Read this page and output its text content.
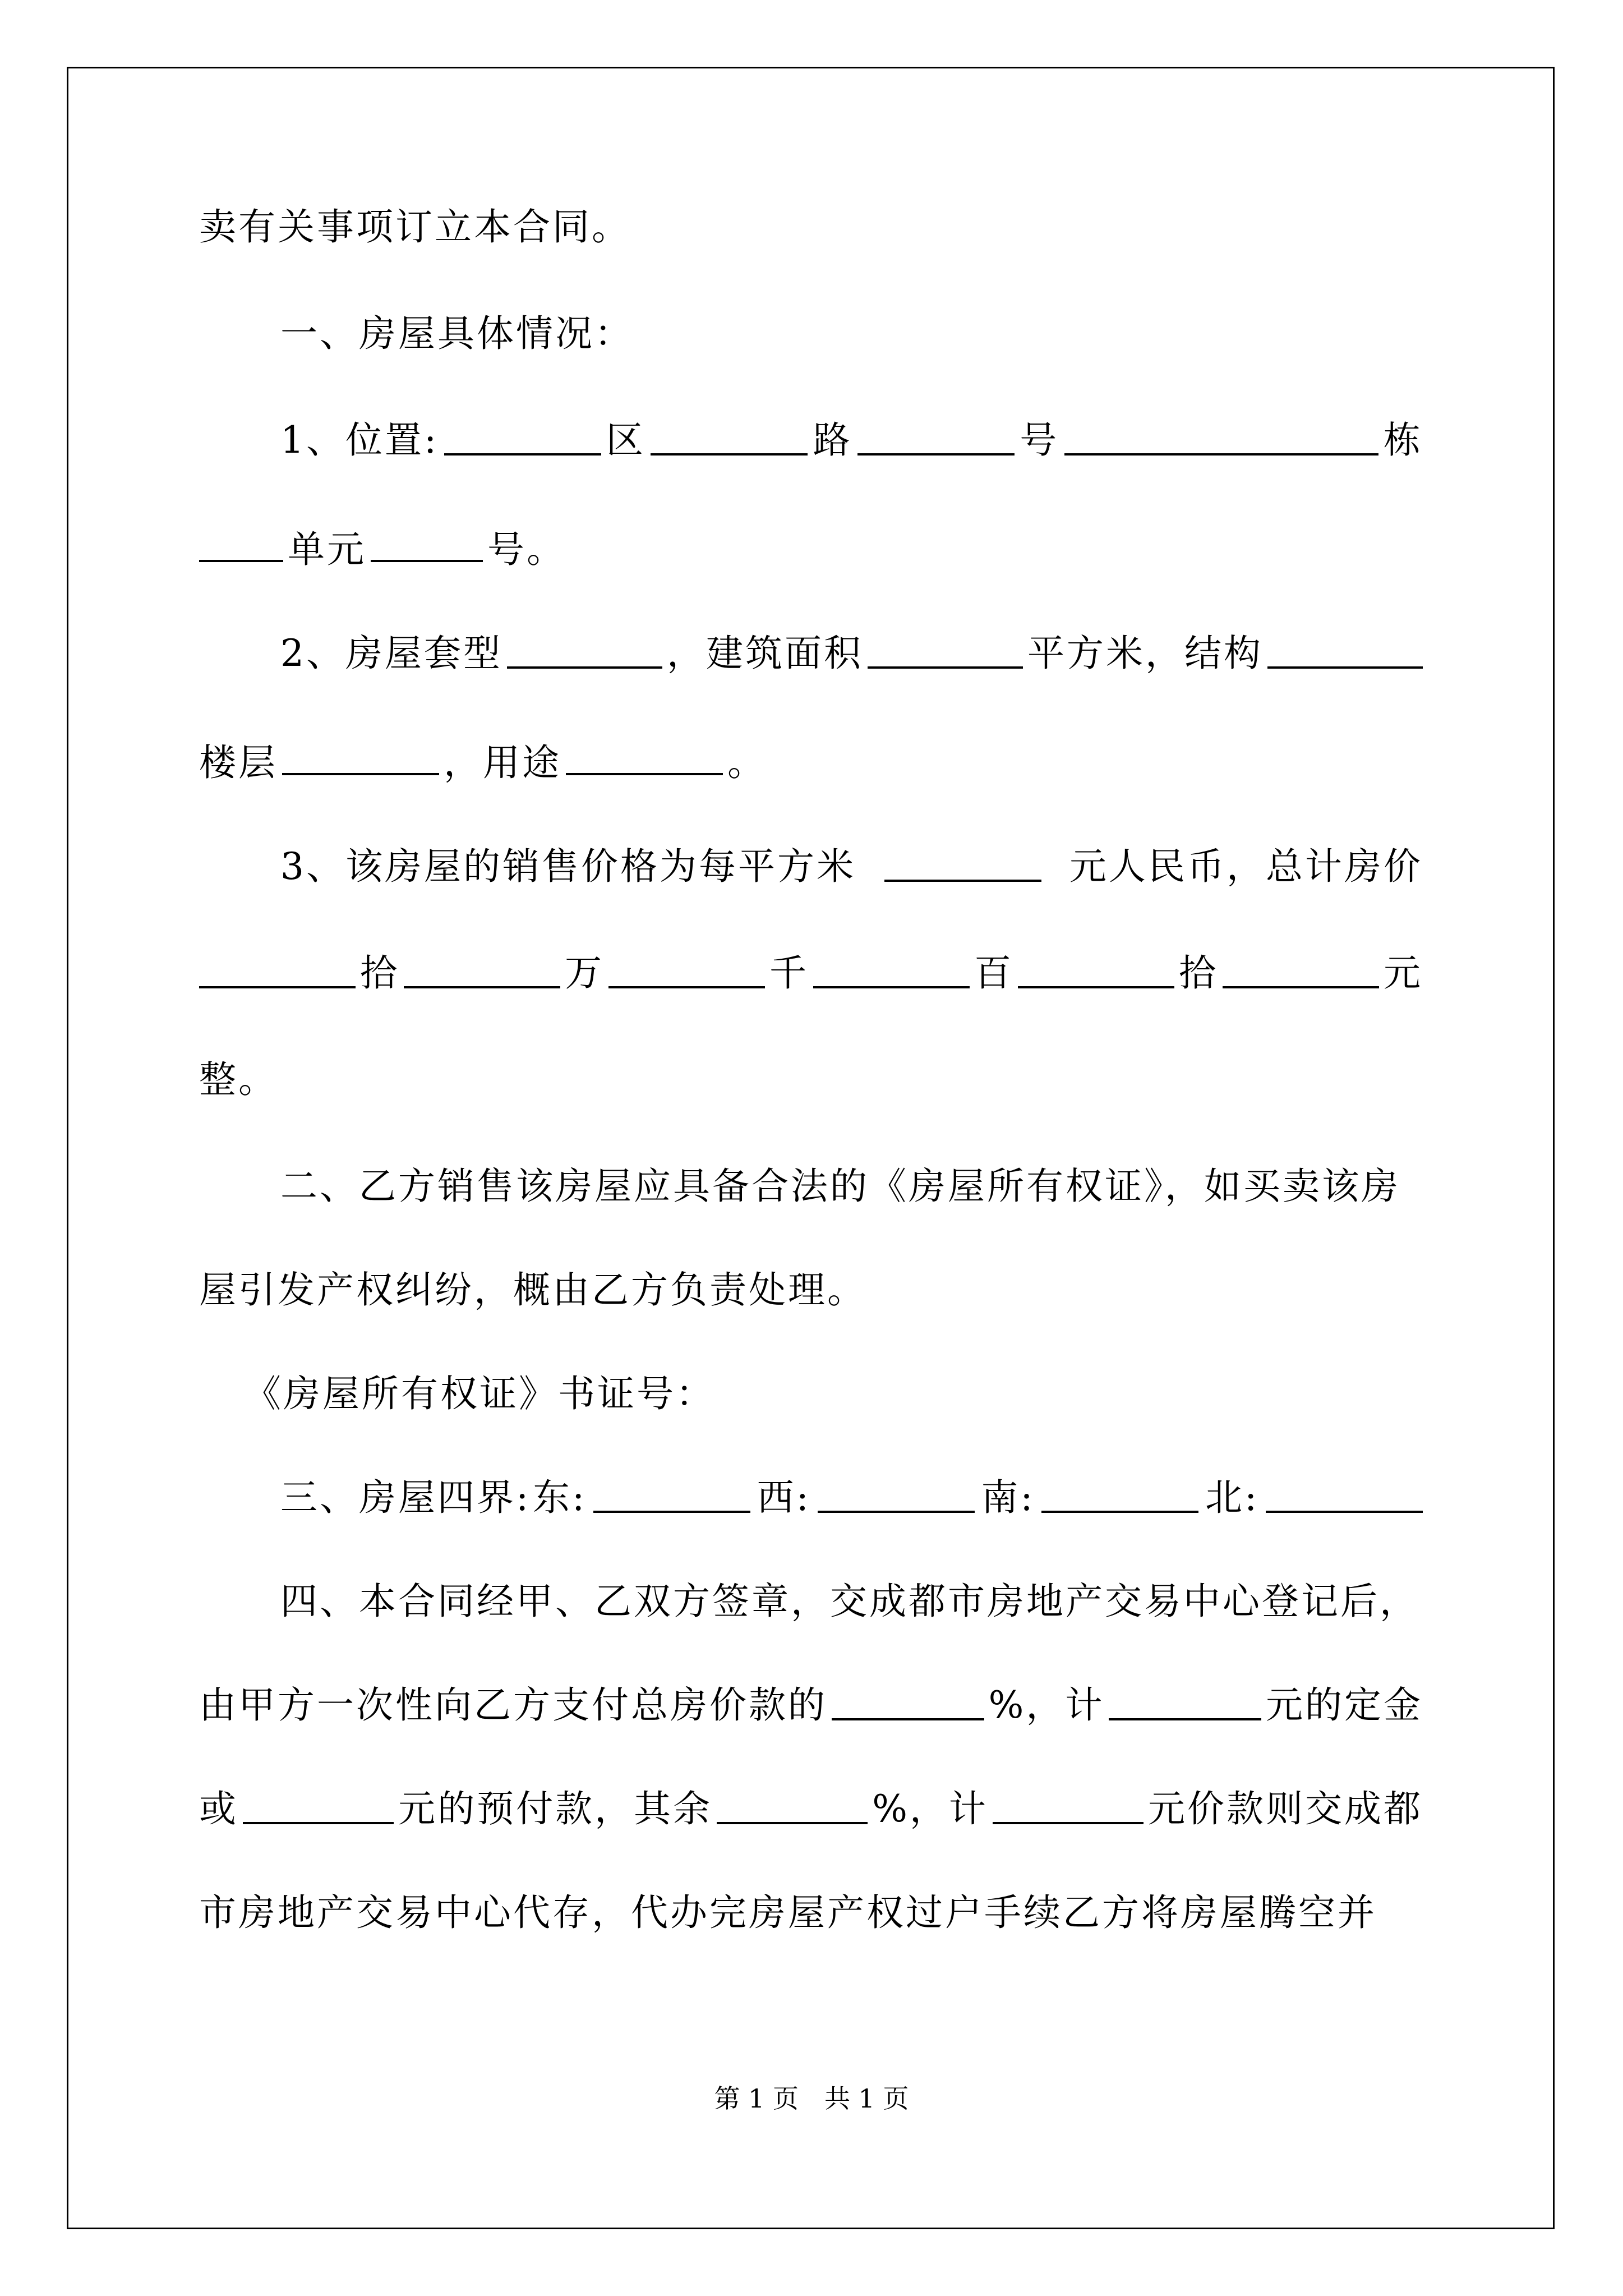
卖有关事项订立本合同。
一、房屋具体情况：
1、位置:	区	路	号	栋
单元	号。
2、房屋套型	，建筑面积	平方米，结构
楼层	，用途	。
3、该房屋的销售价格为每平方米	元人民币，总计房价
拾	万	千	百	拾	元
整。
二、乙方销售该房屋应具备合法的《房屋所有权证》，如买卖该房
屋引发产权纠纷，概由乙方负责处理。
《房屋所有权证》书证号：
三、房屋四界: 东:	西:	南:	北:
四、本合同经甲、乙双方签章，交成都市房地产交易中心登记后，
由甲方一次性向乙方支付总房价款的	%，计	元的定金
或	元的预付款，其余	%，计	元价款则交成都
市房地产交易中心代存，代办完房屋产权过户手续乙方将房屋腾空并
第 1 页　共 1 页
